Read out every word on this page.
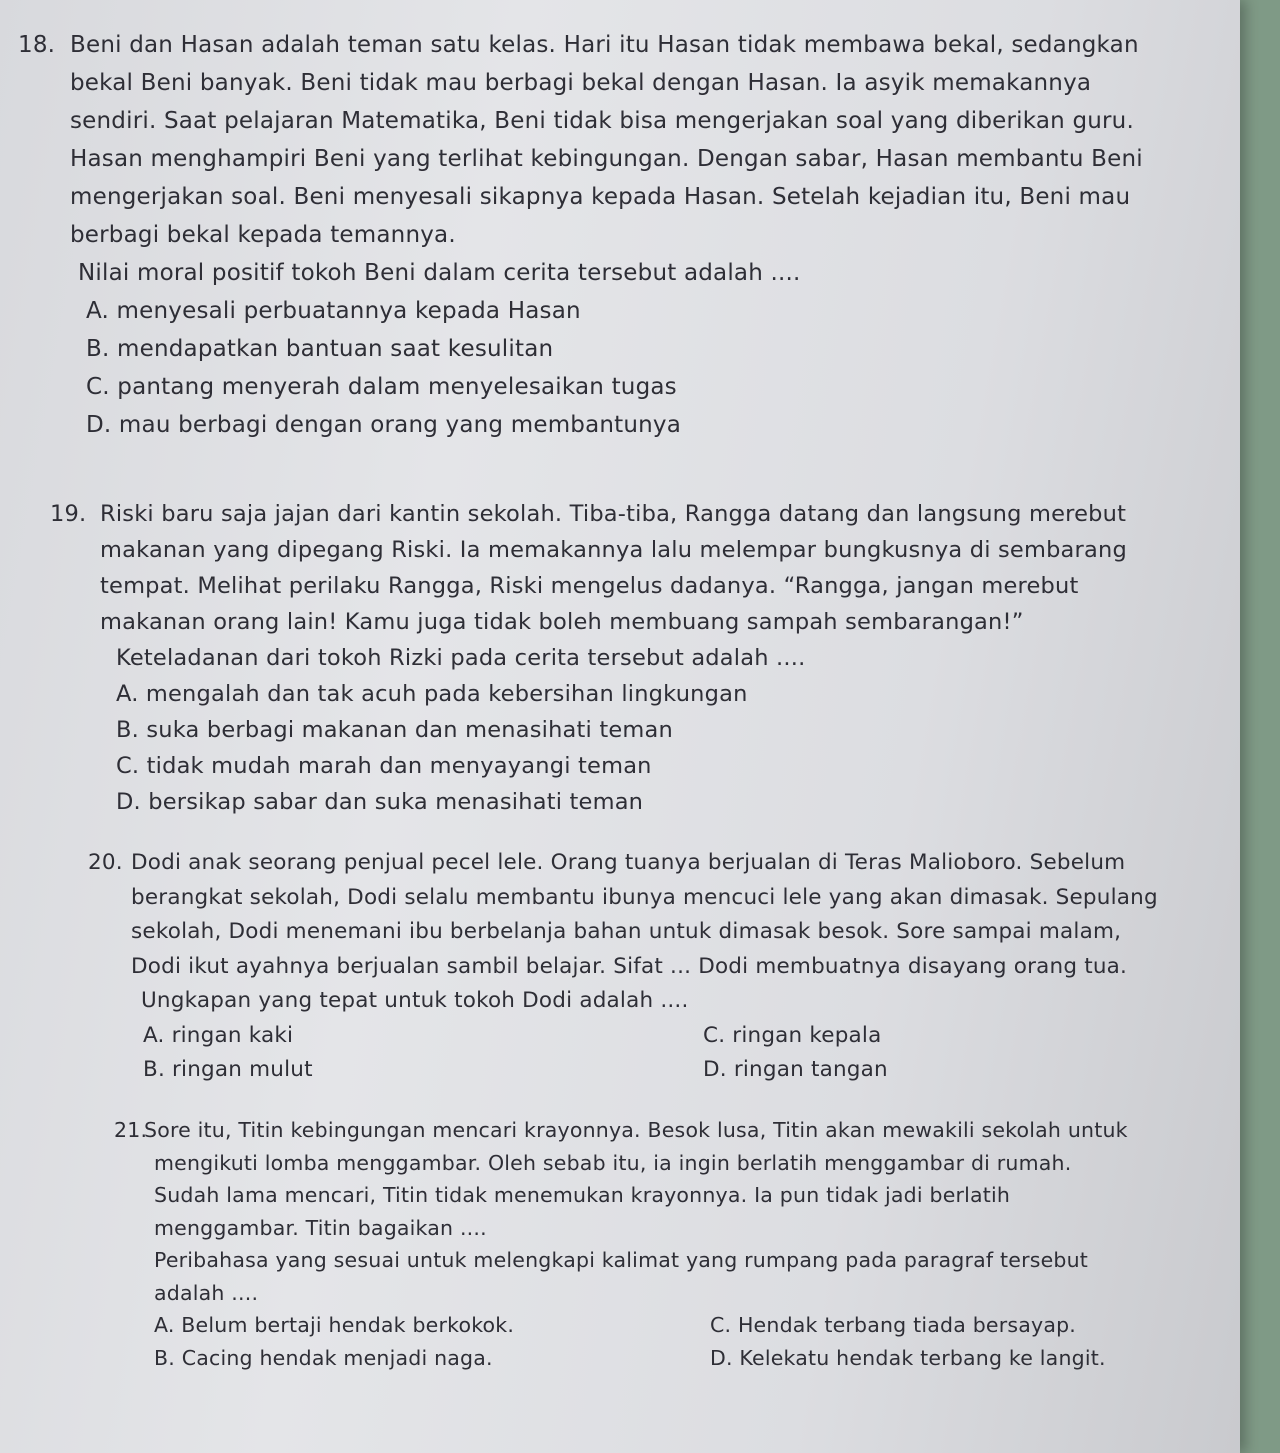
18. Beni dan Hasan adalah teman satu kelas. Hari itu Hasan tidak membawa bekal, sedangkan

bekal Beni banyak. Beni tidak mau berbagi bekal dengan Hasan. Ia asyik memakannya

sendiri. Saat pelajaran Matematika, Beni tidak bisa mengerjakan soal yang diberikan guru.

Hasan menghampiri Beni yang terlihat kebingungan. Dengan sabar, Hasan membantu Beni

mengerjakan soal. Beni menyesali sikapnya kepada Hasan. Setelah kejadian itu, Beni mau

berbagi bekal kepada temannya.

Nilai moral positif tokoh Beni dalam cerita tersebut adalah ....

A. menyesali perbuatannya kepada Hasan

B. mendapatkan bantuan saat kesulitan

C. pantang menyerah dalam menyelesaikan tugas

D. mau berbagi dengan orang yang membantunya

19. Riski baru saja jajan dari kantin sekolah. Tiba-tiba, Rangga datang dan langsung merebut

makanan yang dipegang Riski. Ia memakannya lalu melempar bungkusnya di sembarang

tempat. Melihat perilaku Rangga, Riski mengelus dadanya. “Rangga, jangan merebut

makanan orang lain! Kamu juga tidak boleh membuang sampah sembarangan!”

Keteladanan dari tokoh Rizki pada cerita tersebut adalah ....

A. mengalah dan tak acuh pada kebersihan lingkungan

B. suka berbagi makanan dan menasihati teman

C. tidak mudah marah dan menyayangi teman

D. bersikap sabar dan suka menasihati teman

20. Dodi anak seorang penjual pecel lele. Orang tuanya berjualan di Teras Malioboro. Sebelum

berangkat sekolah, Dodi selalu membantu ibunya mencuci lele yang akan dimasak. Sepulang

sekolah, Dodi menemani ibu berbelanja bahan untuk dimasak besok. Sore sampai malam,

Dodi ikut ayahnya berjualan sambil belajar. Sifat ... Dodi membuatnya disayang orang tua.

Ungkapan yang tepat untuk tokoh Dodi adalah ....

A. ringan kaki	C. ringan kepala

B. ringan mulut	D. ringan tangan

21.

Sore itu, Titin kebingungan mencari krayonnya. Besok lusa, Titin akan mewakili sekolah untuk

mengikuti lomba menggambar. Oleh sebab itu, ia ingin berlatih menggambar di rumah.

Sudah lama mencari, Titin tidak menemukan krayonnya. Ia pun tidak jadi berlatih

menggambar. Titin bagaikan ....

Peribahasa yang sesuai untuk melengkapi kalimat yang rumpang pada paragraf tersebut

adalah ....

A. Belum bertaji hendak berkokok.	C. Hendak terbang tiada bersayap.

B. Cacing hendak menjadi naga.	D. Kelekatu hendak terbang ke langit.
